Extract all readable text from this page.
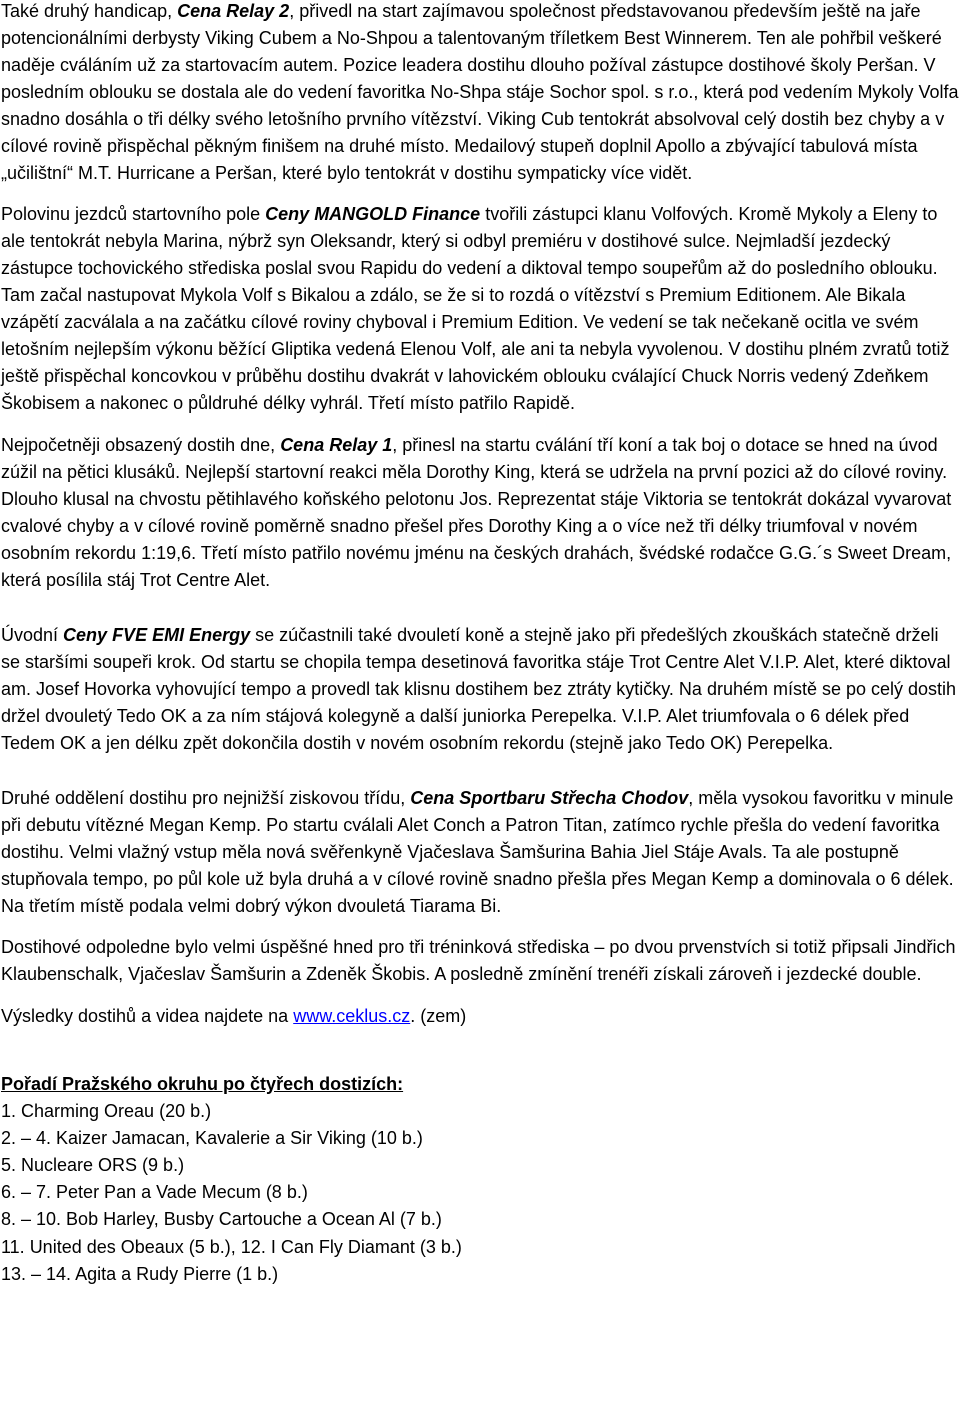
Také druhý handicap, Cena Relay 2, přivedl na start zajímavou společnost představovanou především ještě na jaře potencionálními derbysty Viking Cubem a No-Shpou a talentovaným tříletkem Best Winnerem. Ten ale pohřbil veškeré naděje cváláním už za startovacím autem. Pozice leadera dostihu dlouho požíval zástupce dostihové školy Peršan. V posledním oblouku se dostala ale do vedení favoritka No-Shpa stáje Sochor spol. s r.o., která pod vedením Mykoly Volfa snadno dosáhla o tři délky svého letošního prvního vítězství. Viking Cub tentokrát absolvoval celý dostih bez chyby a v cílové rovině přispěchal pěkným finišem na druhé místo. Medailový stupeň doplnil Apollo a zbývající tabulová místa „učilištní“ M.T. Hurricane a Peršan, které bylo tentokrát v dostihu sympaticky více vidět.

Polovinu jezdců startovního pole Ceny MANGOLD Finance tvořili zástupci klanu Volfových. Kromě Mykoly a Eleny to ale tentokrát nebyla Marina, nýbrž syn Oleksandr, který si odbyl premiéru v dostihové sulce. Nejmladší jezdecký zástupce tochovického střediska poslal svou Rapidu do vedení a diktoval tempo soupeřům až do posledního oblouku. Tam začal nastupovat Mykola Volf s Bikalou a zdálo, se že si to rozdá o vítězství s Premium Editionem. Ale Bikala vzápětí zacválala a na začátku cílové roviny chyboval i Premium Edition. Ve vedení se tak nečekaně ocitla ve svém letošním nejlepším výkonu běžící Gliptika vedená Elenou Volf, ale ani ta nebyla vyvolenou. V dostihu plném zvratů totiž ještě přispěchal koncovkou v průběhu dostihu dvakrát v lahovickém oblouku cválající Chuck Norris vedený Zdeňkem Škobisem a nakonec o půldruhé délky vyhrál. Třetí místo patřilo Rapidě.

Nejpočetněji obsazený dostih dne, Cena Relay 1, přinesl na startu cválání tří koní a tak boj o dotace se hned na úvod zúžil na pětici klusáků. Nejlepší startovní reakci měla Dorothy King, která se udržela na první pozici až do cílové roviny. Dlouho klusal na chvostu pětihlavého koňského pelotonu Jos. Reprezentat stáje Viktoria se tentokrát dokázal vyvarovat cvalové chyby a v cílové rovině poměrně snadno přešel přes Dorothy King a o více než tři délky triumfoval v novém osobním rekordu 1:19,6. Třetí místo patřilo novému jménu na českých drahách, švédské rodačce G.G.´s Sweet Dream, která posílila stáj Trot Centre Alet.

Úvodní Ceny FVE EMI Energy se zúčastnili také dvouletí koně a stejně jako při předešlých zkouškách statečně drželi se staršími soupeři krok. Od startu se chopila tempa desetinová favoritka stáje Trot Centre Alet V.I.P. Alet, které diktoval am. Josef Hovorka vyhovující tempo a provedl tak klisnu dostihem bez ztráty kytičky. Na druhém místě se po celý dostih držel dvouletý Tedo OK a za ním stájová kolegyně a další juniorka Perepelka. V.I.P. Alet triumfovala o 6 délek před Tedem OK a jen délku zpět dokončila dostih v novém osobním rekordu (stejně jako Tedo OK) Perepelka.

Druhé oddělení dostihu pro nejnižší ziskovou třídu, Cena Sportbaru Střecha Chodov, měla vysokou favoritku v minule při debutu vítězné Megan Kemp. Po startu cválali Alet Conch a Patron Titan, zatímco rychle přešla do vedení favoritka dostihu. Velmi vlažný vstup měla nová svěřenkyně Vjačeslava Šamšurina Bahia Jiel Stáje Avals. Ta ale postupně stupňovala tempo, po půl kole už byla druhá a v cílové rovině snadno přešla přes Megan Kemp a dominovala o 6 délek. Na třetím místě podala velmi dobrý výkon dvouletá Tiarama Bi.

Dostihové odpoledne bylo velmi úspěšné hned pro tři tréninková střediska – po dvou prvenstvích si totiž připsali Jindřich Klaubenschalk, Vjačeslav Šamšurin a Zdeněk Škobis. A posledně zmínění trenéři získali zároveň i jezdecké double.

Výsledky dostihů a videa najdete na www.ceklus.cz. (zem)

Pořadí Pražského okruhu po čtyřech dostizích:
1. Charming Oreau (20 b.)
2. – 4. Kaizer Jamacan, Kavalerie a Sir Viking (10 b.)
5. Nucleare ORS (9 b.)
6. – 7. Peter Pan a Vade Mecum (8 b.)
8. – 10. Bob Harley, Busby Cartouche a Ocean Al (7 b.)
11. United des Obeaux (5 b.), 12. I Can Fly Diamant (3 b.)
13. – 14. Agita a Rudy Pierre (1 b.)
